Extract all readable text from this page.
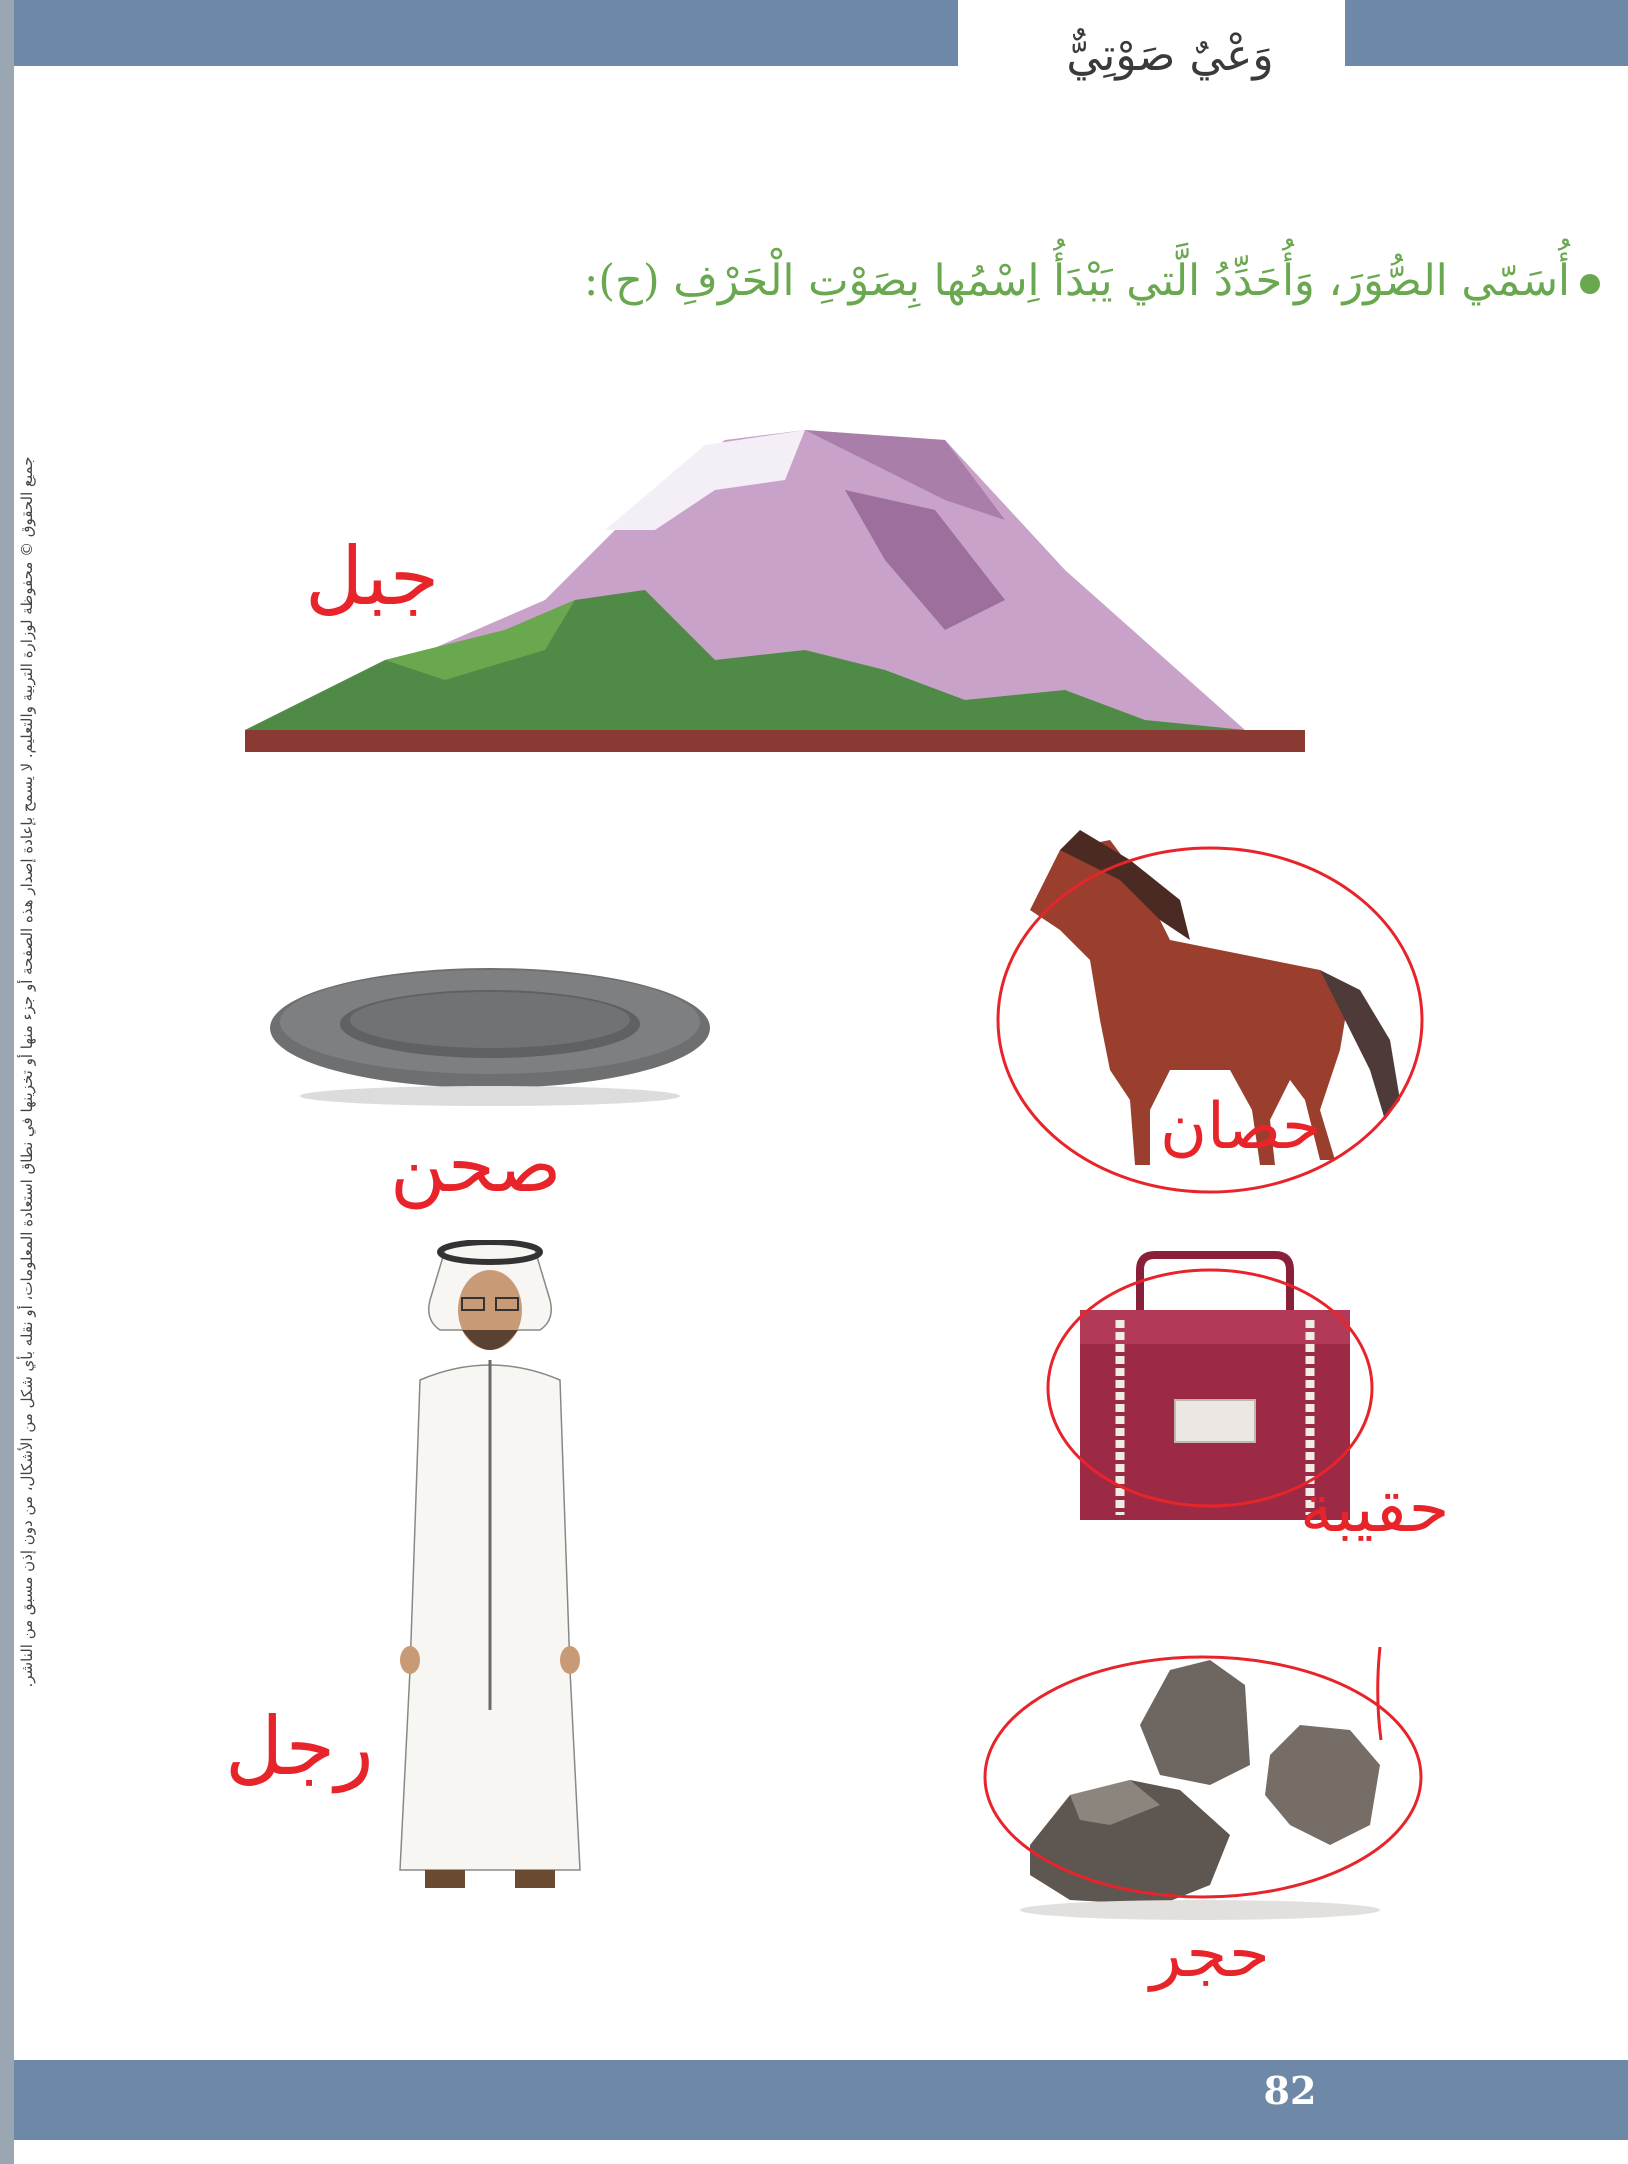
وَعْيٌ صَوْتِيٌّ
أُسَمّي الصُّوَرَ، وَأُحَدِّدُ الَّتي يَبْدَأُ اِسْمُها بِصَوْتِ الْحَرْفِ (ح):
جميع الحقوق © محفوظة لوزارة التربية والتعليم. لا يسمح بإعادة إصدار هذه الصفحة أو جزء منها أو تخزينها في نطاق استعادة المعلومات، أو نقله بأي شكل من الأشكال، من دون إذن مسبق من الناشر.	جبل
صحن	حصان
حقيبة
رجل
حجر
82
